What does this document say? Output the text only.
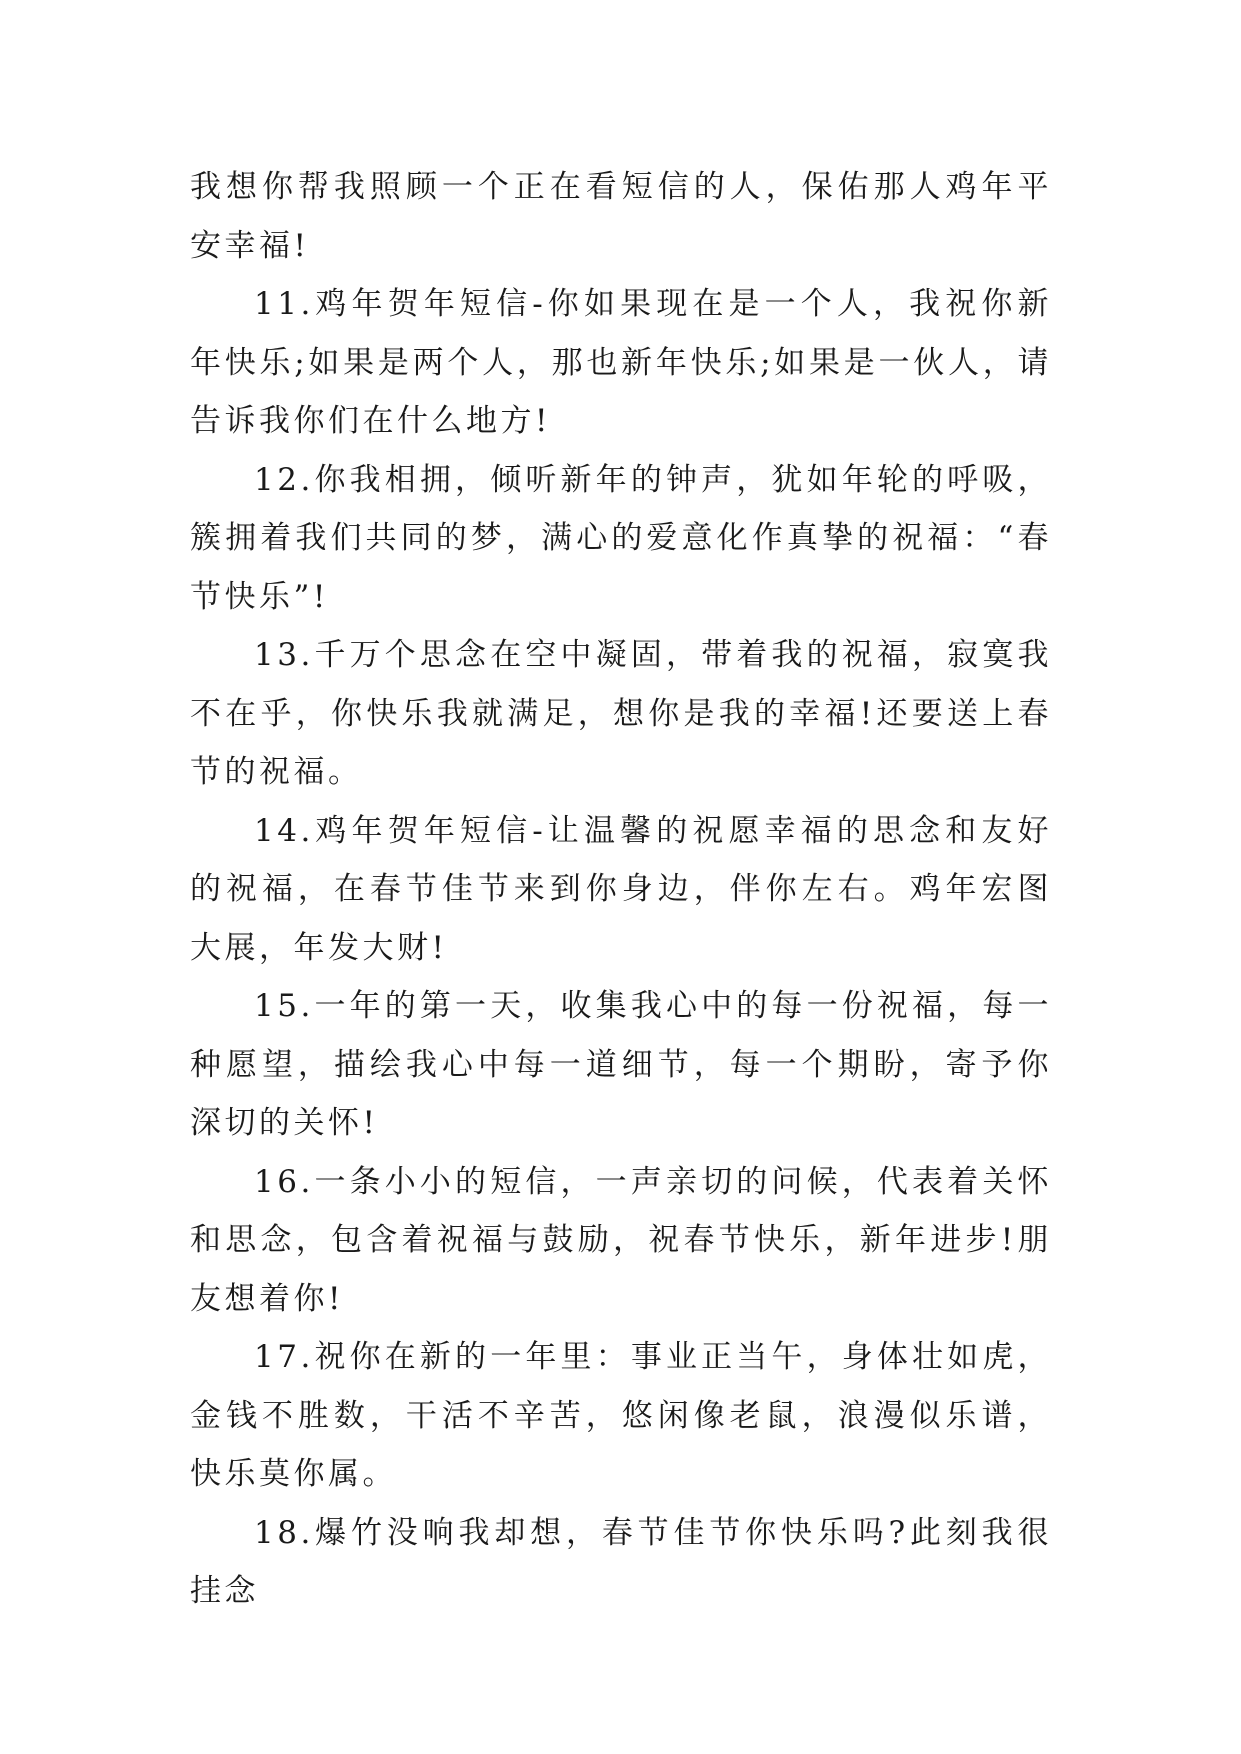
我想你帮我照顾一个正在看短信的人，保佑那人鸡年平安幸福!

11.鸡年贺年短信-你如果现在是一个人，我祝你新年快乐;如果是两个人，那也新年快乐;如果是一伙人，请告诉我你们在什么地方!

12.你我相拥，倾听新年的钟声，犹如年轮的呼吸，簇拥着我们共同的梦，满心的爱意化作真挚的祝福：“春节快乐”!

13.千万个思念在空中凝固，带着我的祝福，寂寞我不在乎，你快乐我就满足，想你是我的幸福!还要送上春节的祝福。

14.鸡年贺年短信-让温馨的祝愿幸福的思念和友好的祝福，在春节佳节来到你身边，伴你左右。鸡年宏图大展，年发大财!

15.一年的第一天，收集我心中的每一份祝福，每一种愿望，描绘我心中每一道细节，每一个期盼，寄予你深切的关怀!

16.一条小小的短信，一声亲切的问候，代表着关怀和思念，包含着祝福与鼓励，祝春节快乐，新年进步!朋友想着你!

17.祝你在新的一年里：事业正当午，身体壮如虎，金钱不胜数，干活不辛苦，悠闲像老鼠，浪漫似乐谱，快乐莫你属。

18.爆竹没响我却想，春节佳节你快乐吗?此刻我很挂念
